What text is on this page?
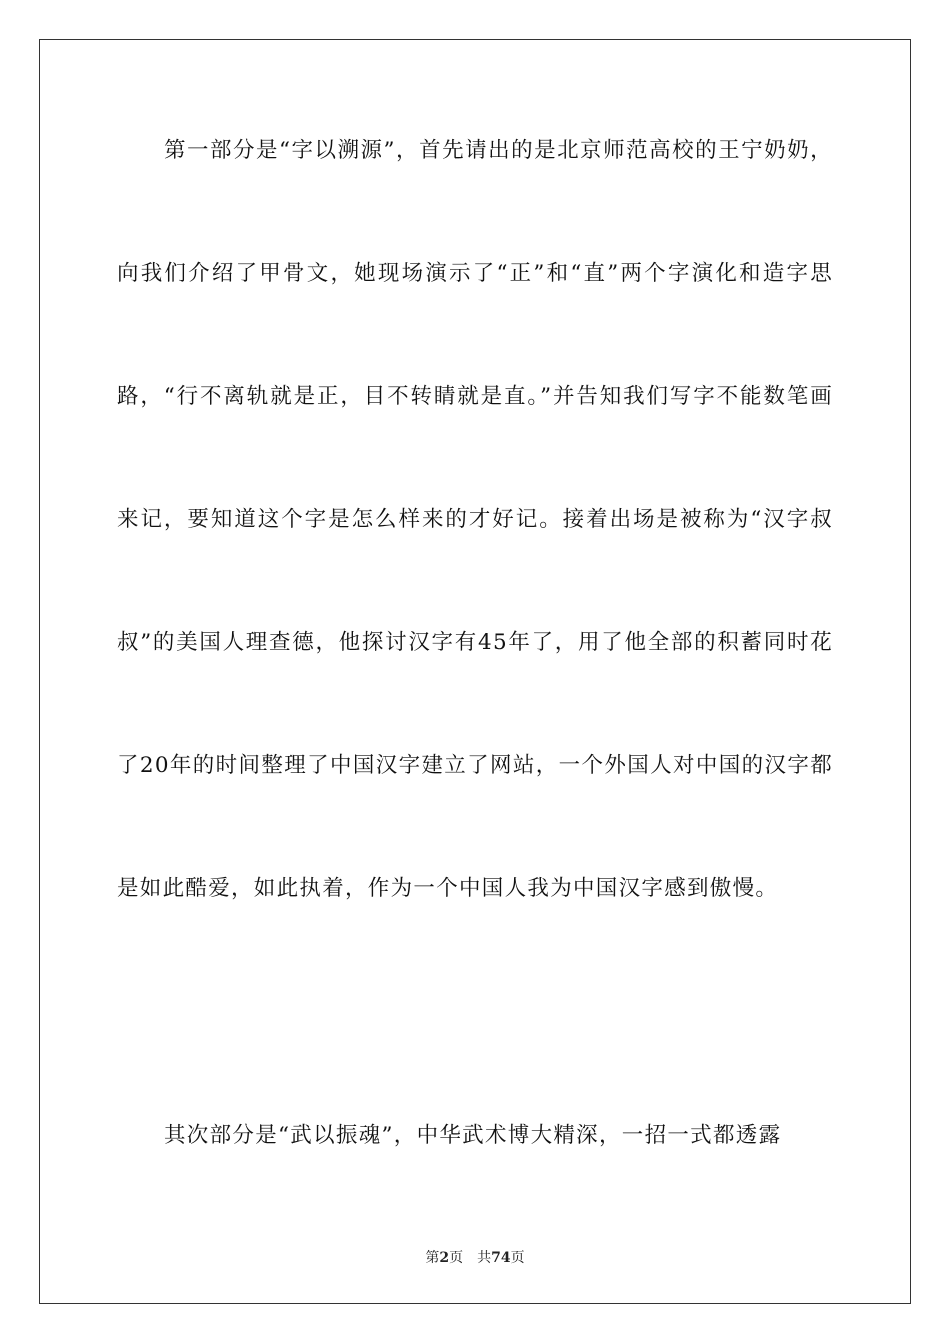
第一部分是“字以溯源”，首先请出的是北京师范高校的王宁奶奶，向我们介绍了甲骨文，她现场演示了“正”和“直”两个字演化和造字思路，“行不离轨就是正，目不转睛就是直。”并告知我们写字不能数笔画来记，要知道这个字是怎么样来的才好记。接着出场是被称为“汉字叔叔”的美国人理查德，他探讨汉字有45年了，用了他全部的积蓄同时花了20年的时间整理了中国汉字建立了网站，一个外国人对中国的汉字都是如此酷爱，如此执着，作为一个中国人我为中国汉字感到傲慢。

其次部分是“武以振魂”，中华武术博大精深，一招一式都透露

第2页 共74页
